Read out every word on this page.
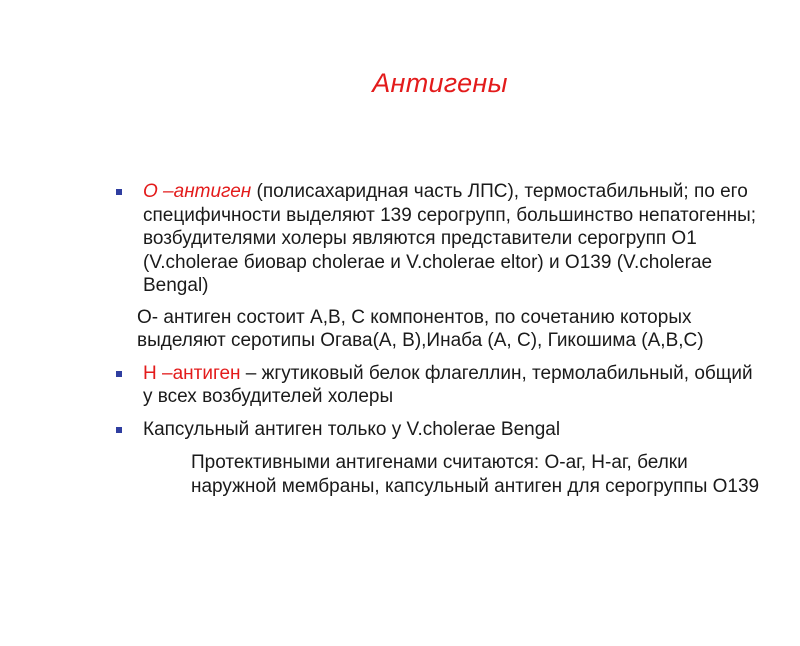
Антигены
О –антиген (полисахаридная часть ЛПС), термостабильный; по его специфичности выделяют 139 серогрупп, большинство непатогенны; возбудителями холеры являются представители серогрупп О1 (V.cholerae биовар cholerae и V.cholerae eltor) и О139 (V.cholerae Bengal)
О- антиген состоит А,В, С компонентов, по сочетанию которых выделяют серотипы Огава(А, В),Инаба (А, С), Гикошима (А,В,С)
Н –антиген – жгутиковый белок флагеллин, термолабильный, общий у всех возбудителей холеры
Капсульный антиген только у V.cholerae Bengal
Протективными антигенами считаются: О-аг, Н-аг, белки наружной мембраны, капсульный антиген для серогруппы О139
